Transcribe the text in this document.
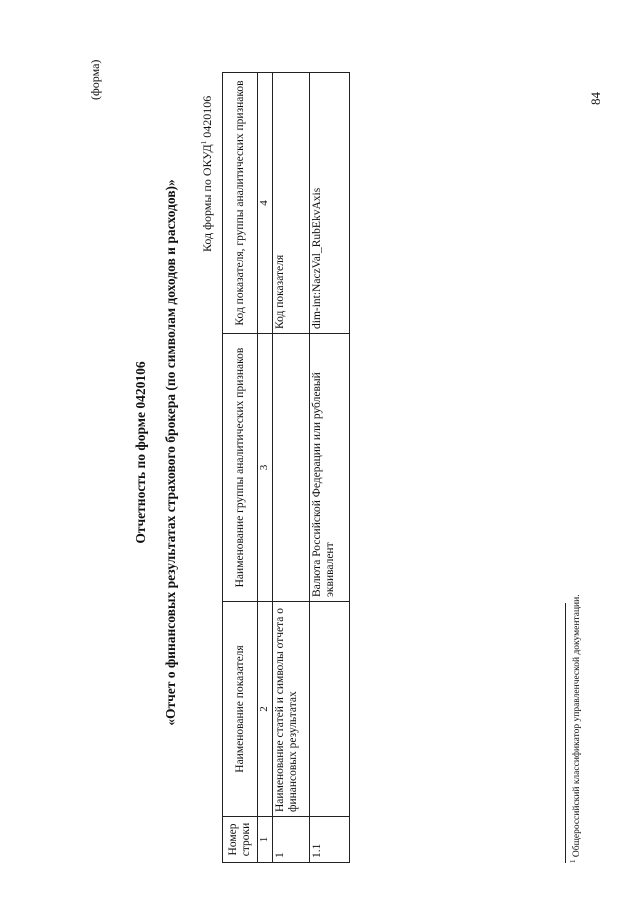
(форма)
Отчетность по форме 0420106 «Отчет о финансовых результатах страхового брокера (по символам доходов и расходов)» Код формы по ОКУД$^1$ 0420106
Номер строки	Наименование показателя	Наименование группы аналитических признаков	Код показателя, группы аналитических признаков
1	2	3	4
1	Наименование статей и символы отчета о финансовых результатах		Код показателя
1.1		Валюта Российской Федерации или рублевый эквивалент	dim-int:NaczVal_RubEkvAxis
$^1$ Общероссийский классификатор управленческой документации.
84
